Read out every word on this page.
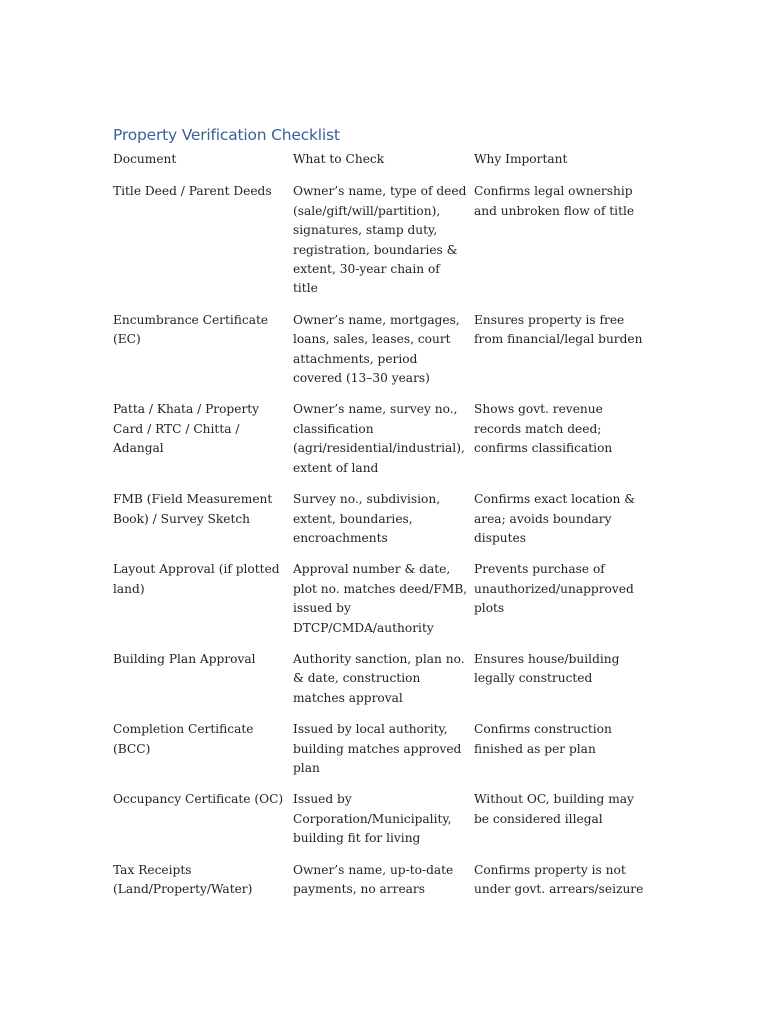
Property Verification Checklist
Document	What to Check	Why Important
Title Deed / Parent Deeds	Owner’s name, type of deed (sale/gift/will/partition), signatures, stamp duty, registration, boundaries & extent, 30-year chain of title	Confirms legal ownership and unbroken flow of title
Encumbrance Certificate (EC)	Owner’s name, mortgages, loans, sales, leases, court attachments, period covered (13–30 years)	Ensures property is free from financial/legal burden
Patta / Khata / Property Card / RTC / Chitta / Adangal	Owner’s name, survey no., classification (agri/residential/industrial), extent of land	Shows govt. revenue records match deed; confirms classification
FMB (Field Measurement Book) / Survey Sketch	Survey no., subdivision, extent, boundaries, encroachments	Confirms exact location & area; avoids boundary disputes
Layout Approval (if plotted land)	Approval number & date, plot no. matches deed/FMB, issued by DTCP/CMDA/authority	Prevents purchase of unauthorized/unapproved plots
Building Plan Approval	Authority sanction, plan no. & date, construction matches approval	Ensures house/building legally constructed
Completion Certificate (BCC)	Issued by local authority, building matches approved plan	Confirms construction finished as per plan
Occupancy Certificate (OC)	Issued by Corporation/Municipality, building fit for living	Without OC, building may be considered illegal
Tax Receipts (Land/Property/Water)	Owner’s name, up-to-date payments, no arrears	Confirms property is not under govt. arrears/seizure
